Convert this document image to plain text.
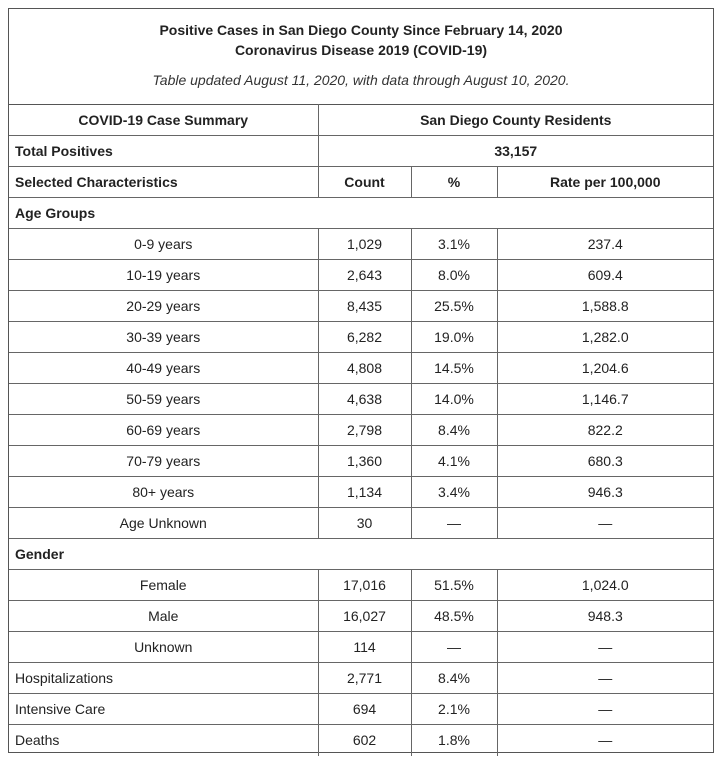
Positive Cases in San Diego County Since February 14, 2020
Coronavirus Disease 2019 (COVID-19)
Table updated August 11, 2020, with data through August 10, 2020.
COVID-19 Case Summary	San Diego County Residents		
Total Positives	33,157		
Selected Characteristics	Count	%	Rate per 100,000
Age Groups			
0-9 years	1,029	3.1%	237.4
10-19 years	2,643	8.0%	609.4
20-29 years	8,435	25.5%	1,588.8
30-39 years	6,282	19.0%	1,282.0
40-49 years	4,808	14.5%	1,204.6
50-59 years	4,638	14.0%	1,146.7
60-69 years	2,798	8.4%	822.2
70-79 years	1,360	4.1%	680.3
80+ years	1,134	3.4%	946.3
Age Unknown	30	—	—
Gender			
Female	17,016	51.5%	1,024.0
Male	16,027	48.5%	948.3
Unknown	114	—	—
Hospitalizations	2,771	8.4%	—
Intensive Care	694	2.1%	—
Deaths	602	1.8%	—
